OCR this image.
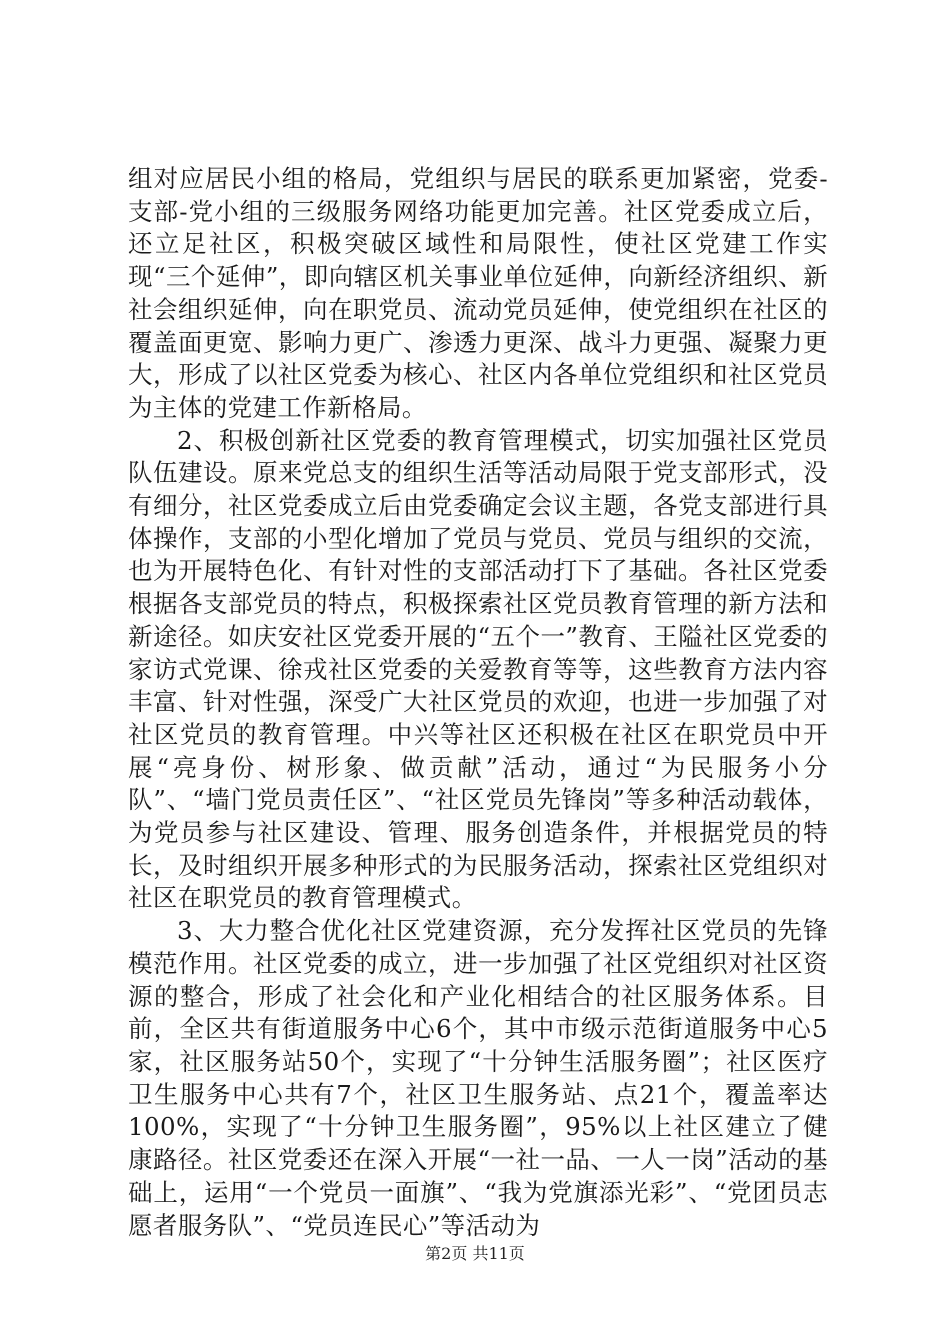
组对应居民小组的格局，党组织与居民的联系更加紧密，党委-支部-党小组的三级服务网络功能更加完善。社区党委成立后，还立足社区，积极突破区域性和局限性，使社区党建工作实现“三个延伸”，即向辖区机关事业单位延伸，向新经济组织、新社会组织延伸，向在职党员、流动党员延伸，使党组织在社区的覆盖面更宽、影响力更广、渗透力更深、战斗力更强、凝聚力更大，形成了以社区党委为核心、社区内各单位党组织和社区党员为主体的党建工作新格局。

2、积极创新社区党委的教育管理模式，切实加强社区党员队伍建设。原来党总支的组织生活等活动局限于党支部形式，没有细分，社区党委成立后由党委确定会议主题，各党支部进行具体操作，支部的小型化增加了党员与党员、党员与组织的交流，也为开展特色化、有针对性的支部活动打下了基础。各社区党委根据各支部党员的特点，积极探索社区党员教育管理的新方法和新途径。如庆安社区党委开展的“五个一”教育、王隘社区党委的家访式党课、徐戎社区党委的关爱教育等等，这些教育方法内容丰富、针对性强，深受广大社区党员的欢迎，也进一步加强了对社区党员的教育管理。中兴等社区还积极在社区在职党员中开展“亮身份、树形象、做贡献”活动，通过“为民服务小分队”、“墙门党员责任区”、“社区党员先锋岗”等多种活动载体，为党员参与社区建设、管理、服务创造条件，并根据党员的特长，及时组织开展多种形式的为民服务活动，探索社区党组织对社区在职党员的教育管理模式。

3、大力整合优化社区党建资源，充分发挥社区党员的先锋模范作用。社区党委的成立，进一步加强了社区党组织对社区资源的整合，形成了社会化和产业化相结合的社区服务体系。目前，全区共有街道服务中心6个，其中市级示范街道服务中心5家，社区服务站50个，实现了“十分钟生活服务圈”；社区医疗卫生服务中心共有7个，社区卫生服务站、点21个，覆盖率达100%，实现了“十分钟卫生服务圈”，95%以上社区建立了健康路径。社区党委还在深入开展“一社一品、一人一岗”活动的基础上，运用“一个党员一面旗”、“我为党旗添光彩”、“党团员志愿者服务队”、“党员连民心”等活动为

第2页 共11页
